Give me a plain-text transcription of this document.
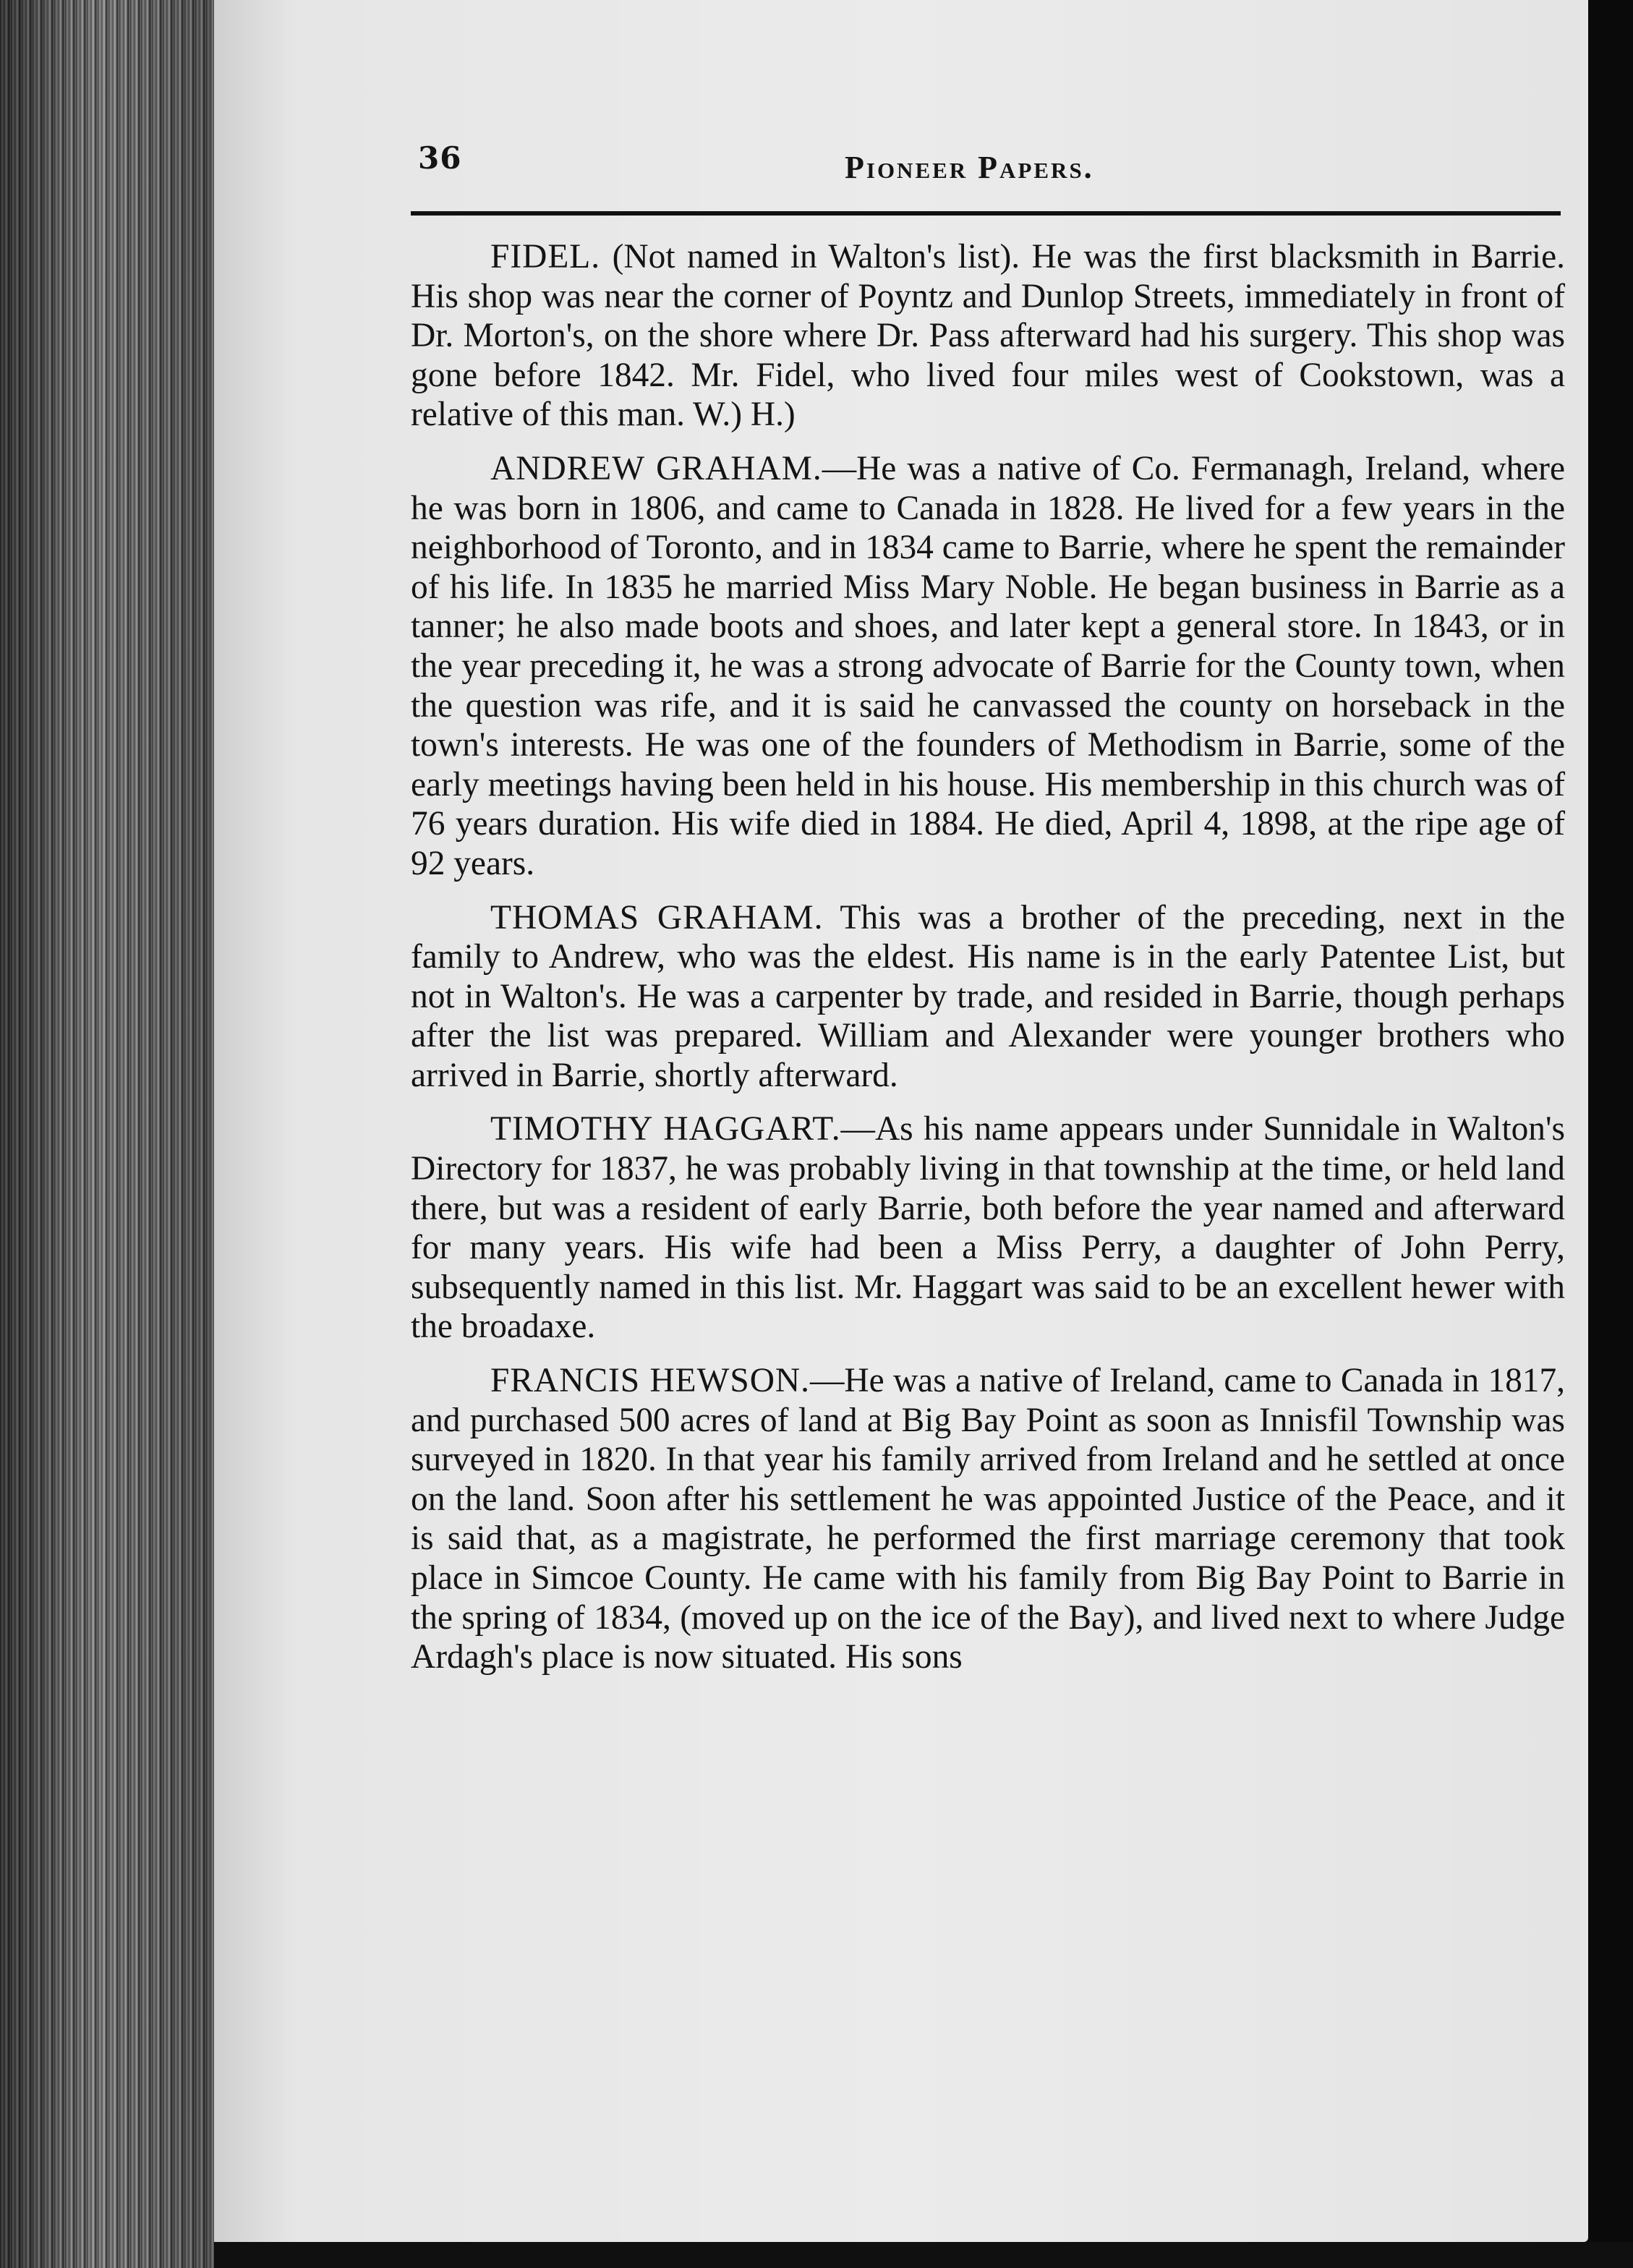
36	Pioneer Papers.

FIDEL. (Not named in Walton's list). He was the first blacksmith in Barrie. His shop was near the corner of Poyntz and Dunlop Streets, immediately in front of Dr. Morton's, on the shore where Dr. Pass afterward had his surgery. This shop was gone before 1842. Mr. Fidel, who lived four miles west of Cookstown, was a relative of this man. W.) H.)

ANDREW GRAHAM.—He was a native of Co. Fermanagh, Ireland, where he was born in 1806, and came to Canada in 1828. He lived for a few years in the neighborhood of Toronto, and in 1834 came to Barrie, where he spent the remainder of his life. In 1835 he married Miss Mary Noble. He began business in Barrie as a tanner; he also made boots and shoes, and later kept a general store. In 1843, or in the year preceding it, he was a strong advocate of Barrie for the County town, when the question was rife, and it is said he canvassed the county on horseback in the town's interests. He was one of the founders of Methodism in Barrie, some of the early meetings having been held in his house. His membership in this church was of 76 years duration. His wife died in 1884. He died, April 4, 1898, at the ripe age of 92 years.

THOMAS GRAHAM. This was a brother of the preceding, next in the family to Andrew, who was the eldest. His name is in the early Patentee List, but not in Walton's. He was a carpenter by trade, and resided in Barrie, though perhaps after the list was prepared. William and Alexander were younger brothers who arrived in Barrie, shortly afterward.

TIMOTHY HAGGART.—As his name appears under Sunnidale in Walton's Directory for 1837, he was probably living in that township at the time, or held land there, but was a resident of early Barrie, both before the year named and afterward for many years. His wife had been a Miss Perry, a daughter of John Perry, subsequently named in this list. Mr. Haggart was said to be an excellent hewer with the broadaxe.

FRANCIS HEWSON.—He was a native of Ireland, came to Canada in 1817, and purchased 500 acres of land at Big Bay Point as soon as Innisfil Township was surveyed in 1820. In that year his family arrived from Ireland and he settled at once on the land. Soon after his settlement he was appointed Justice of the Peace, and it is said that, as a magistrate, he performed the first marriage ceremony that took place in Simcoe County. He came with his family from Big Bay Point to Barrie in the spring of 1834, (moved up on the ice of the Bay), and lived next to where Judge Ardagh's place is now situated. His sons
